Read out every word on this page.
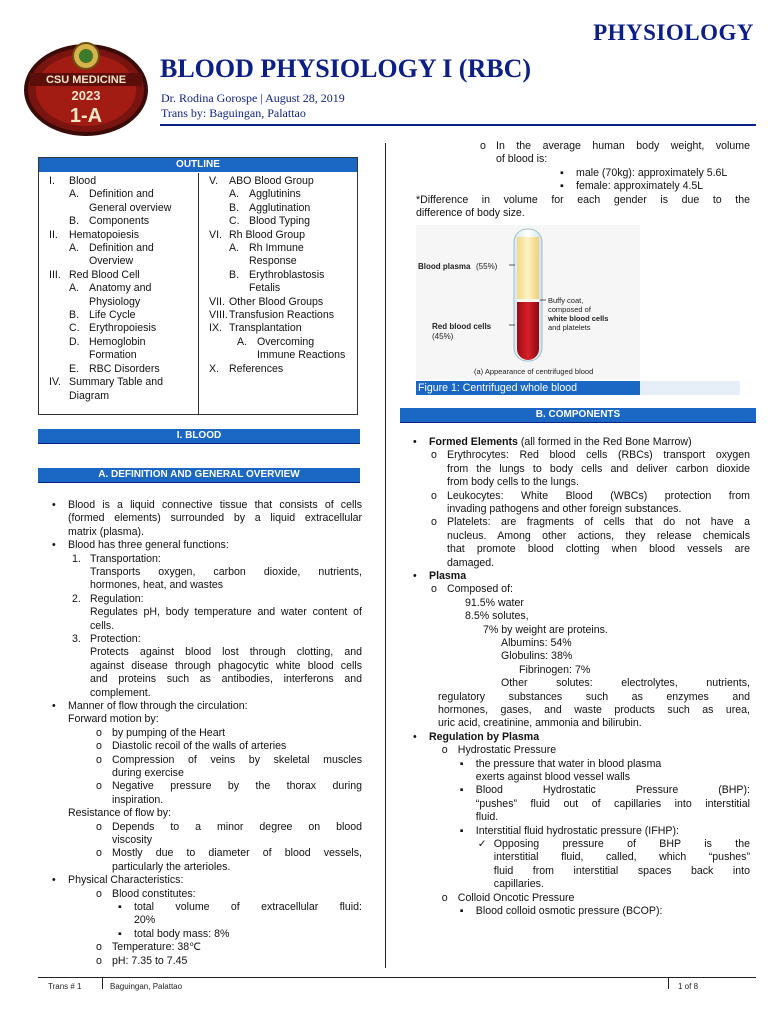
PHYSIOLOGY
CSU MEDICINE
2023
1-A
BLOOD PHYSIOLOGY I (RBC)
Dr. Rodina Gorospe | August 28, 2019
Trans by: Baguingan, Palattao
OUTLINE
I.	Blood
A. Definition and
General overview
B. Components
II.	Hematopoiesis
A. Definition and
Overview
III. Red Blood Cell
A. Anatomy and
Physiology
B. Life Cycle
C. Erythropoiesis
D. Hemoglobin
Formation
E. RBC Disorders
IV. Summary Table and
Diagram
V.	ABO Blood Group
A. Agglutinins
B. Agglutination
C. Blood Typing
VI. Rh Blood Group
A. Rh Immune
Response
B. Erythroblastosis
Fetalis
VII. Other Blood Groups
VIII. Transfusion Reactions
IX. Transplantation
A. Overcoming
Immune Reactions
X. References
I. BLOOD
A. DEFINITION AND GENERAL OVERVIEW
B. COMPONENTS
• Blood is a liquid connective tissue that consists of cells
(formed elements) surrounded by a liquid extracellular
matrix (plasma).
• Blood has three general functions:
1. Transportation:
Transports oxygen, carbon dioxide, nutrients,
hormones, heat, and wastes
2. Regulation:
Regulates pH, body temperature and water content of
cells.
3. Protection:
Protects against blood lost through clotting, and
against disease through phagocytic white blood cells
and proteins such as antibodies, interferons and
complement.
• Manner of flow through the circulation:
Forward motion by:
o by pumping of the Heart
o Diastolic recoil of the walls of arteries
o Compression of veins by skeletal muscles
during exercise
o Negative pressure by the thorax during
inspiration.
Resistance of flow by:
o Depends to a minor degree on blood
viscosity
o Mostly due to diameter of blood vessels,
particularly the arterioles.
• Physical Characteristics:
o Blood constitutes:
▪ total volume of extracellular fluid:
20%
▪ total body mass: 8%
o Temperature: 38℃
o pH: 7.35 to 7.45
o In the average human body weight, volume
of blood is:
▪ male (70kg): approximately 5.6L
▪ female: approximately 4.5L
*Difference in volume for each gender is due to the
difference of body size.
• Formed Elements (all formed in the Red Bone Marrow)
o Erythrocytes: Red blood cells (RBCs) transport oxygen
from the lungs to body cells and deliver carbon dioxide
from body cells to the lungs.
o Leukocytes: White Blood (WBCs) protection from
invading pathogens and other foreign substances.
o Platelets: are fragments of cells that do not have a
nucleus. Among other actions, they release chemicals
that promote blood clotting when blood vessels are
damaged.
• Plasma
o Composed of:
91.5% water
8.5% solutes,
7% by weight are proteins.
Albumins: 54%
Globulins: 38%
Fibrinogen: 7%
Other solutes: electrolytes, nutrients,
regulatory substances such as enzymes and
hormones, gases, and waste products such as urea,
uric acid, creatinine, ammonia and bilirubin.
• Regulation by Plasma
o Hydrostatic Pressure
▪ the pressure that water in blood plasma
exerts against blood vessel walls
▪ Blood Hydrostatic Pressure (BHP):
“pushes” fluid out of capillaries into interstitial
fluid.
▪ Interstitial fluid hydrostatic pressure (IFHP):
✓ Opposing pressure of BHP is the
interstitial fluid, called, which “pushes”
fluid from interstitial spaces back into
capillaries.
o Colloid Oncotic Pressure
▪ Blood colloid osmotic pressure (BCOP):
Blood plasma (55%)
Buffy coat,
composed of
white blood cells
and platelets
Red blood cells
(45%)
(a) Appearance of centrifuged blood
Figure 1: Centrifuged whole blood
Trans # 1	Baguingan, Palattao	1 of 8
